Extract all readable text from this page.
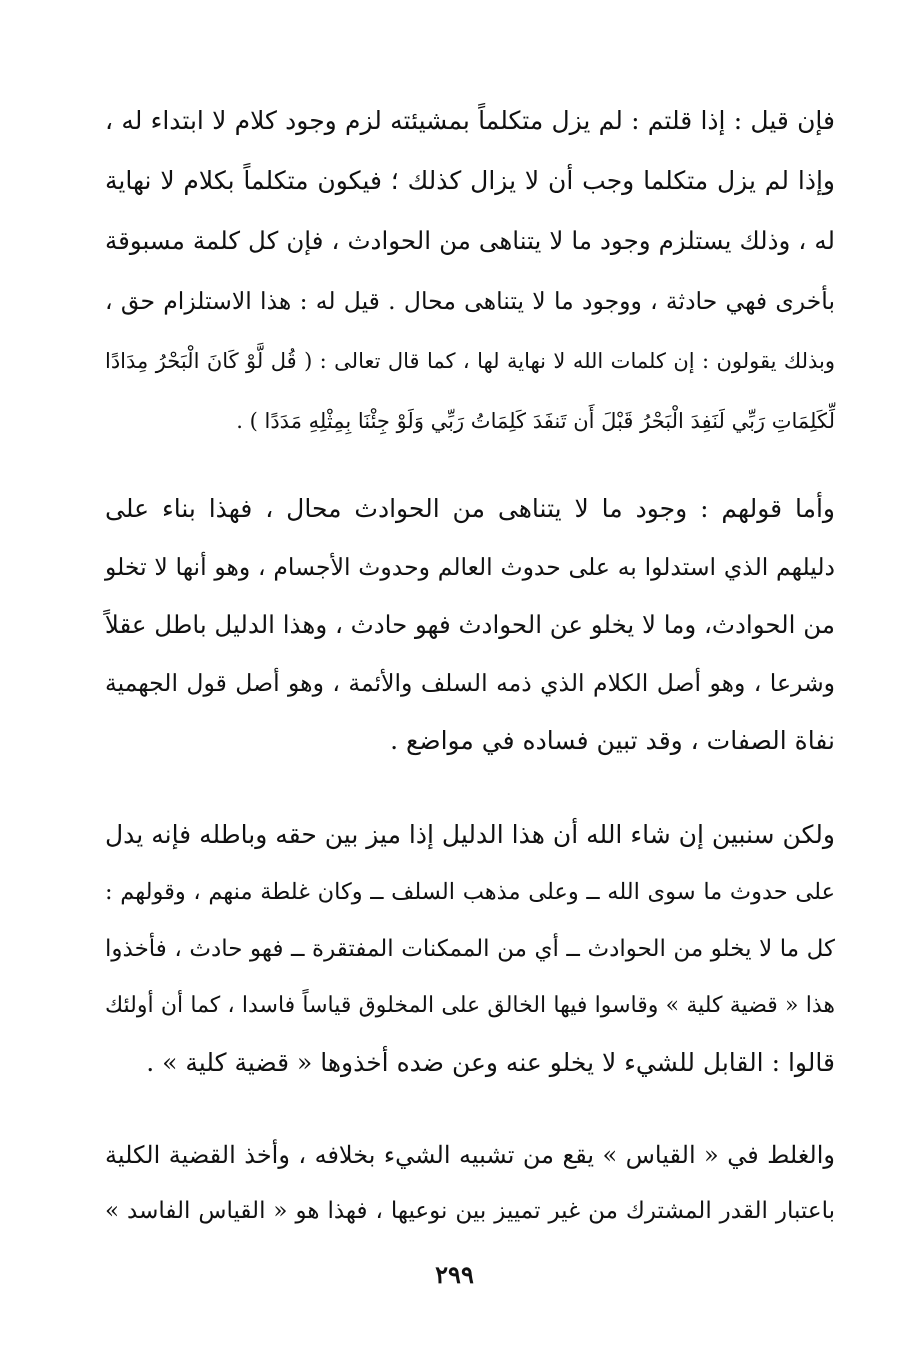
فإن قيل : إذا قلتم : لم يزل متكلماً بمشيئته لزم وجود كلام لا ابتداء له ،
وإذا لم يزل متكلما وجب أن لا يزال كذلك ؛ فيكون متكلماً بكلام لا نهاية
له ، وذلك يستلزم وجود ما لا يتناهى من الحوادث ، فإن كل كلمة مسبوقة
بأخرى فهي حادثة ، ووجود ما لا يتناهى محال . قيل له : هذا الاستلزام حق ،
وبذلك يقولون : إن كلمات الله لا نهاية لها ، كما قال تعالى : ( قُل لَّوْ كَانَ الْبَحْرُ مِدَادًا
لِّكَلِمَاتِ رَبِّي لَنَفِدَ الْبَحْرُ قَبْلَ أَن تَنفَدَ كَلِمَاتُ رَبِّي وَلَوْ جِئْنَا بِمِثْلِهِ مَدَدًا ) .
وأما قولهم : وجود ما لا يتناهى من الحوادث محال ، فهذا بناء على
دليلهم الذي استدلوا به على حدوث العالم وحدوث الأجسام ، وهو أنها لا تخلو
من الحوادث، وما لا يخلو عن الحوادث فهو حادث ، وهذا الدليل باطل عقلاً
وشرعا ، وهو أصل الكلام الذي ذمه السلف والأئمة ، وهو أصل قول الجهمية
نفاة الصفات ، وقد تبين فساده في مواضع .
ولكن سنبين إن شاء الله أن هذا الدليل إذا ميز بين حقه وباطله فإنه يدل
على حدوث ما سوى الله ــ وعلى مذهب السلف ــ وكان غلطة منهم ، وقولهم :
كل ما لا يخلو من الحوادث ــ أي من الممكنات المفتقرة ــ فهو حادث ، فأخذوا
هذا « قضية كلية » وقاسوا فيها الخالق على المخلوق قياساً فاسدا ، كما أن أولئك
قالوا : القابل للشيء لا يخلو عنه وعن ضده أخذوها « قضية كلية » .
والغلط في « القياس » يقع من تشبيه الشيء بخلافه ، وأخذ القضية الكلية
باعتبار القدر المشترك من غير تمييز بين نوعيها ، فهذا هو « القياس الفاسد »
٢٩٩
